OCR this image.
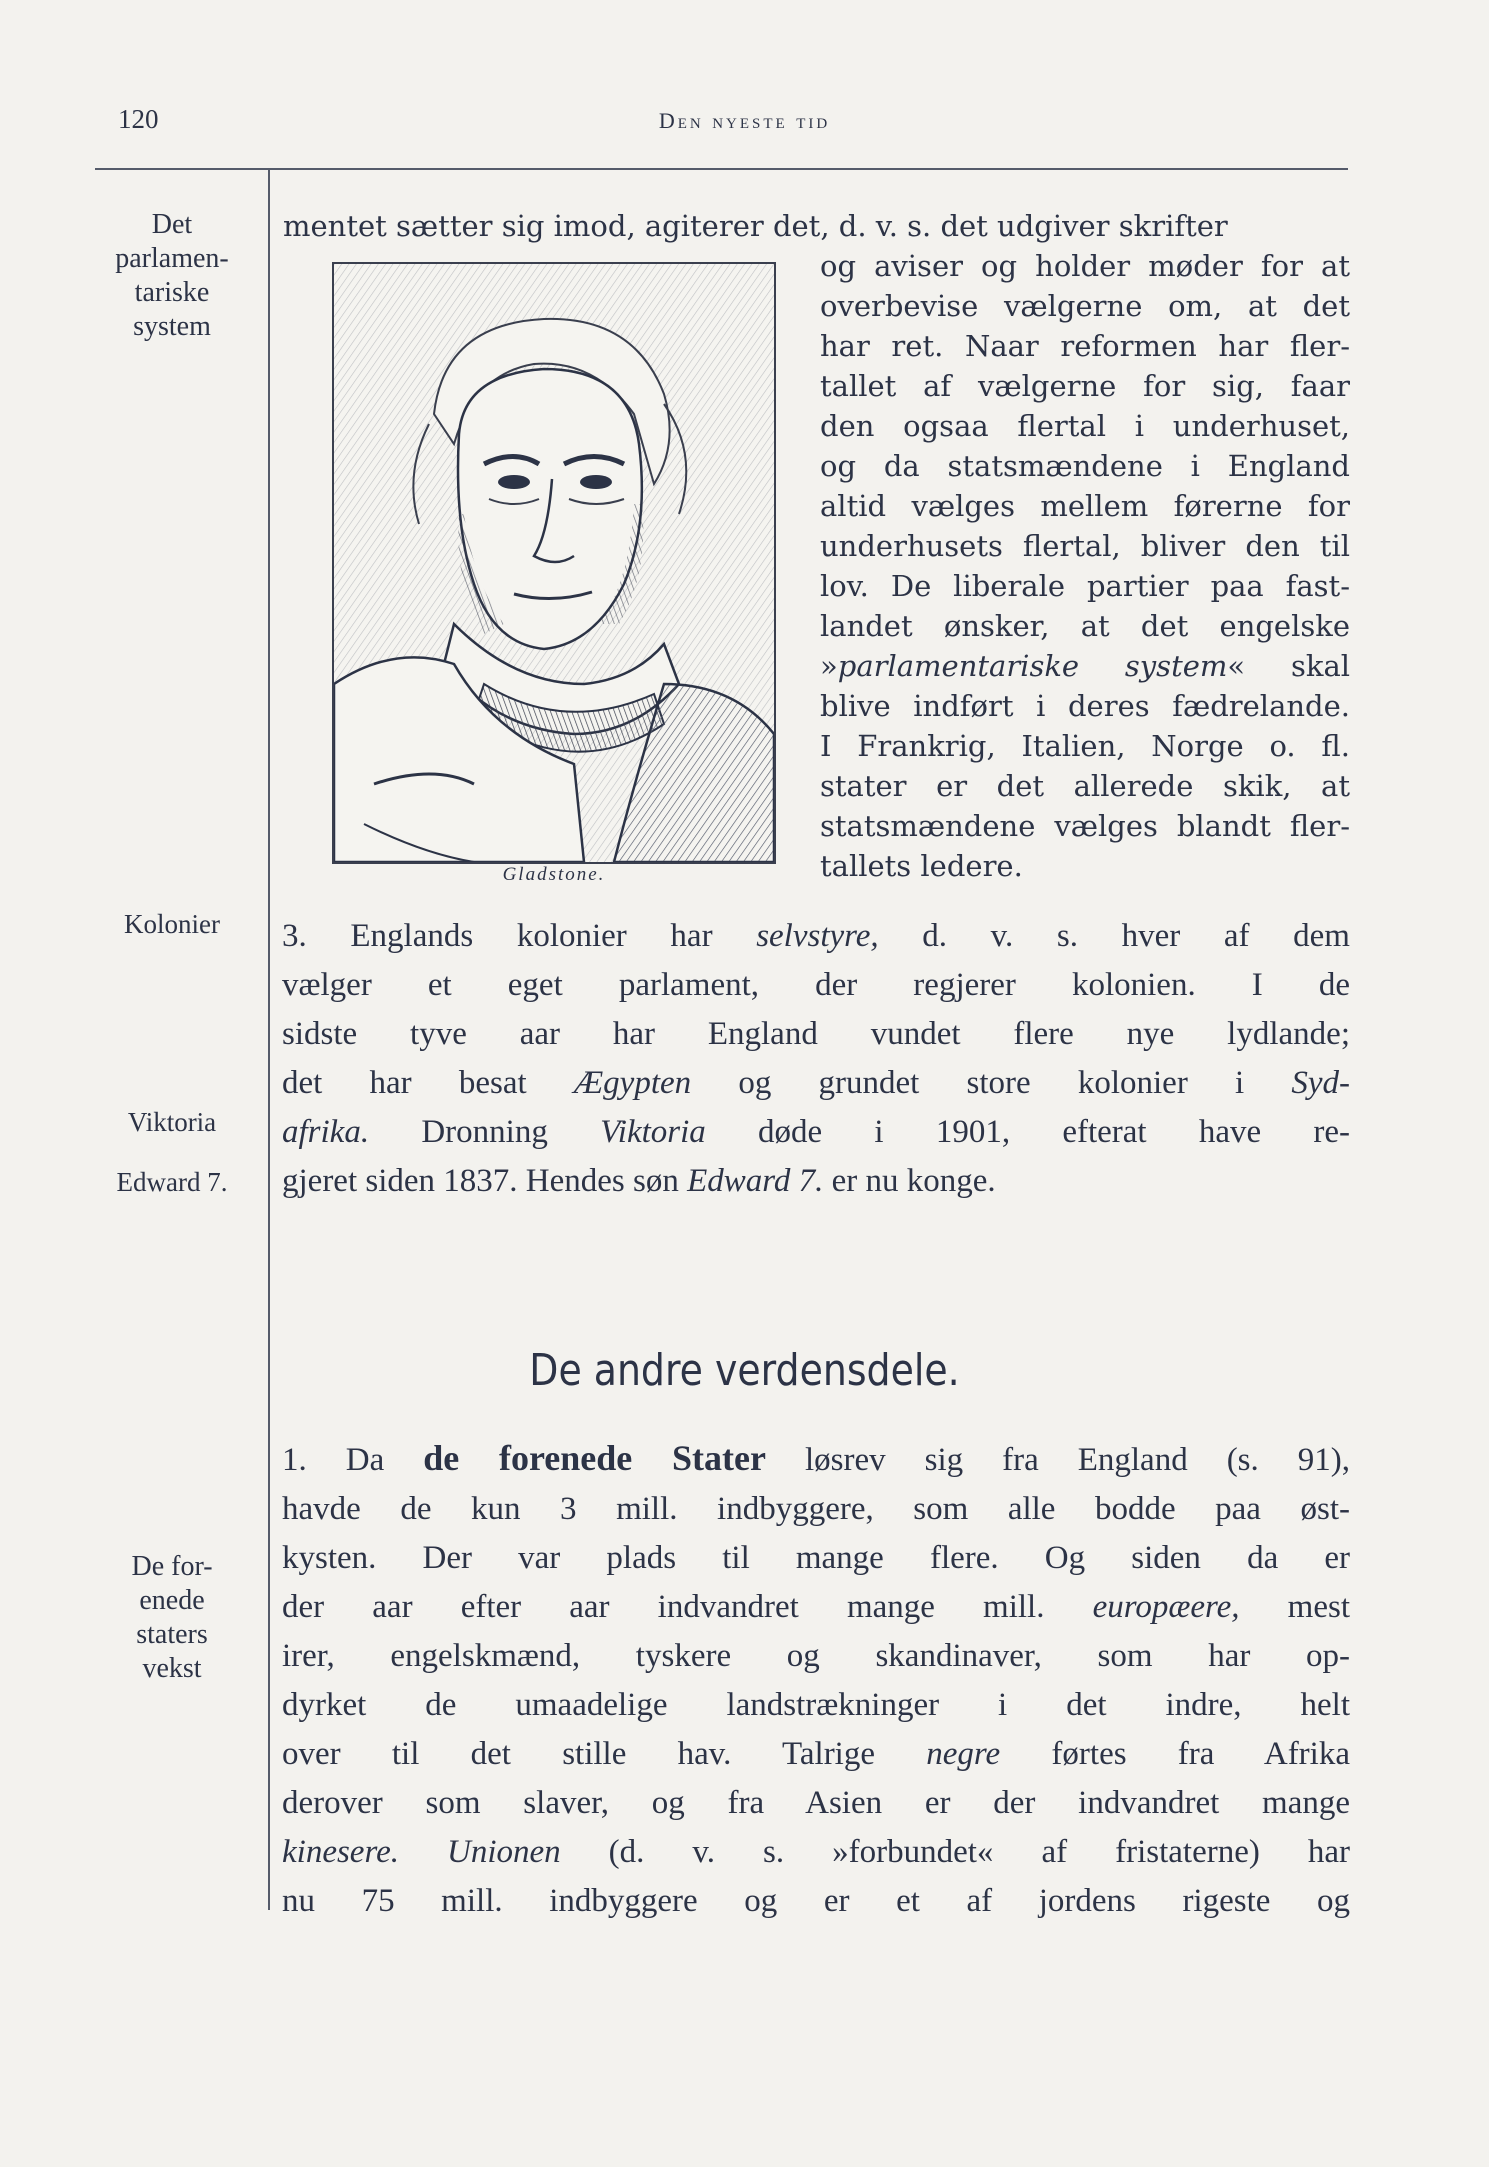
120	Den nyeste tid
Det
parlamen-
tariske
system
Kolonier
Viktoria
Edward 7.
De for-
enede
staters
vekst

mentet sætter sig imod, agiterer det, d. v. s. det udgiver skrifter

Gladstone.

og aviser og holder møder for at
overbevise vælgerne om, at det
har ret. Naar reformen har fler-
tallet af vælgerne for sig, faar
den ogsaa flertal i underhuset,
og da statsmændene i England
altid vælges mellem førerne for
underhusets flertal, bliver den til
lov. De liberale partier paa fast-
landet ønsker, at det engelske
»parlamentariske system« skal
blive indført i deres fædrelande.
I Frankrig, Italien, Norge o. fl.
stater er det allerede skik, at
statsmændene vælges blandt fler-
tallets ledere.

3. Englands kolonier har selvstyre, d. v. s. hver af dem
vælger et eget parlament, der regjerer kolonien. I de
sidste tyve aar har England vundet flere nye lydlande;
det har besat Ægypten og grundet store kolonier i Syd-
afrika. Dronning Viktoria døde i 1901, efterat have re-
gjeret siden 1837. Hendes søn Edward 7. er nu konge.

De andre verdensdele.

1. Da de forenede Stater løsrev sig fra England (s. 91),
havde de kun 3 mill. indbyggere, som alle bodde paa øst-
kysten. Der var plads til mange flere. Og siden da er
der aar efter aar indvandret mange mill. europæere, mest
irer, engelskmænd, tyskere og skandinaver, som har op-
dyrket de umaadelige landstrækninger i det indre, helt
over til det stille hav. Talrige negre førtes fra Afrika
derover som slaver, og fra Asien er der indvandret mange
kinesere. Unionen (d. v. s. »forbundet« af fristaterne) har
nu 75 mill. indbyggere og er et af jordens rigeste og
